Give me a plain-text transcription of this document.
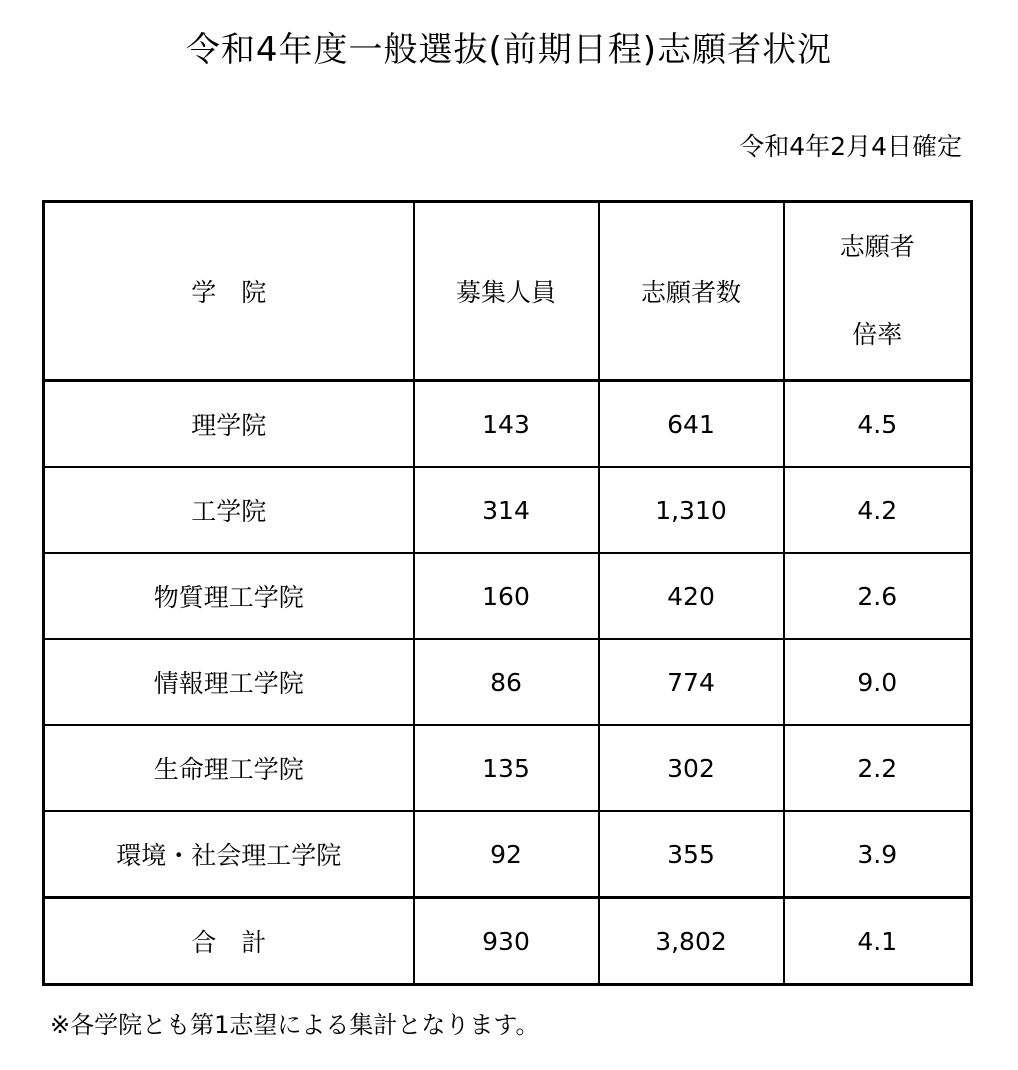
令和4年度一般選抜(前期日程)志願者状況
令和4年2月4日確定
学　院	募集人員	志願者数	志願者
倍率

理学院	143	641	4.5
工学院	314	1,310	4.2
物質理工学院	160	420	2.6
情報理工学院	86	774	9.0
生命理工学院	135	302	2.2
環境・社会理工学院	92	355	3.9
合　計	930	3,802	4.1
※各学院とも第1志望による集計となります。
